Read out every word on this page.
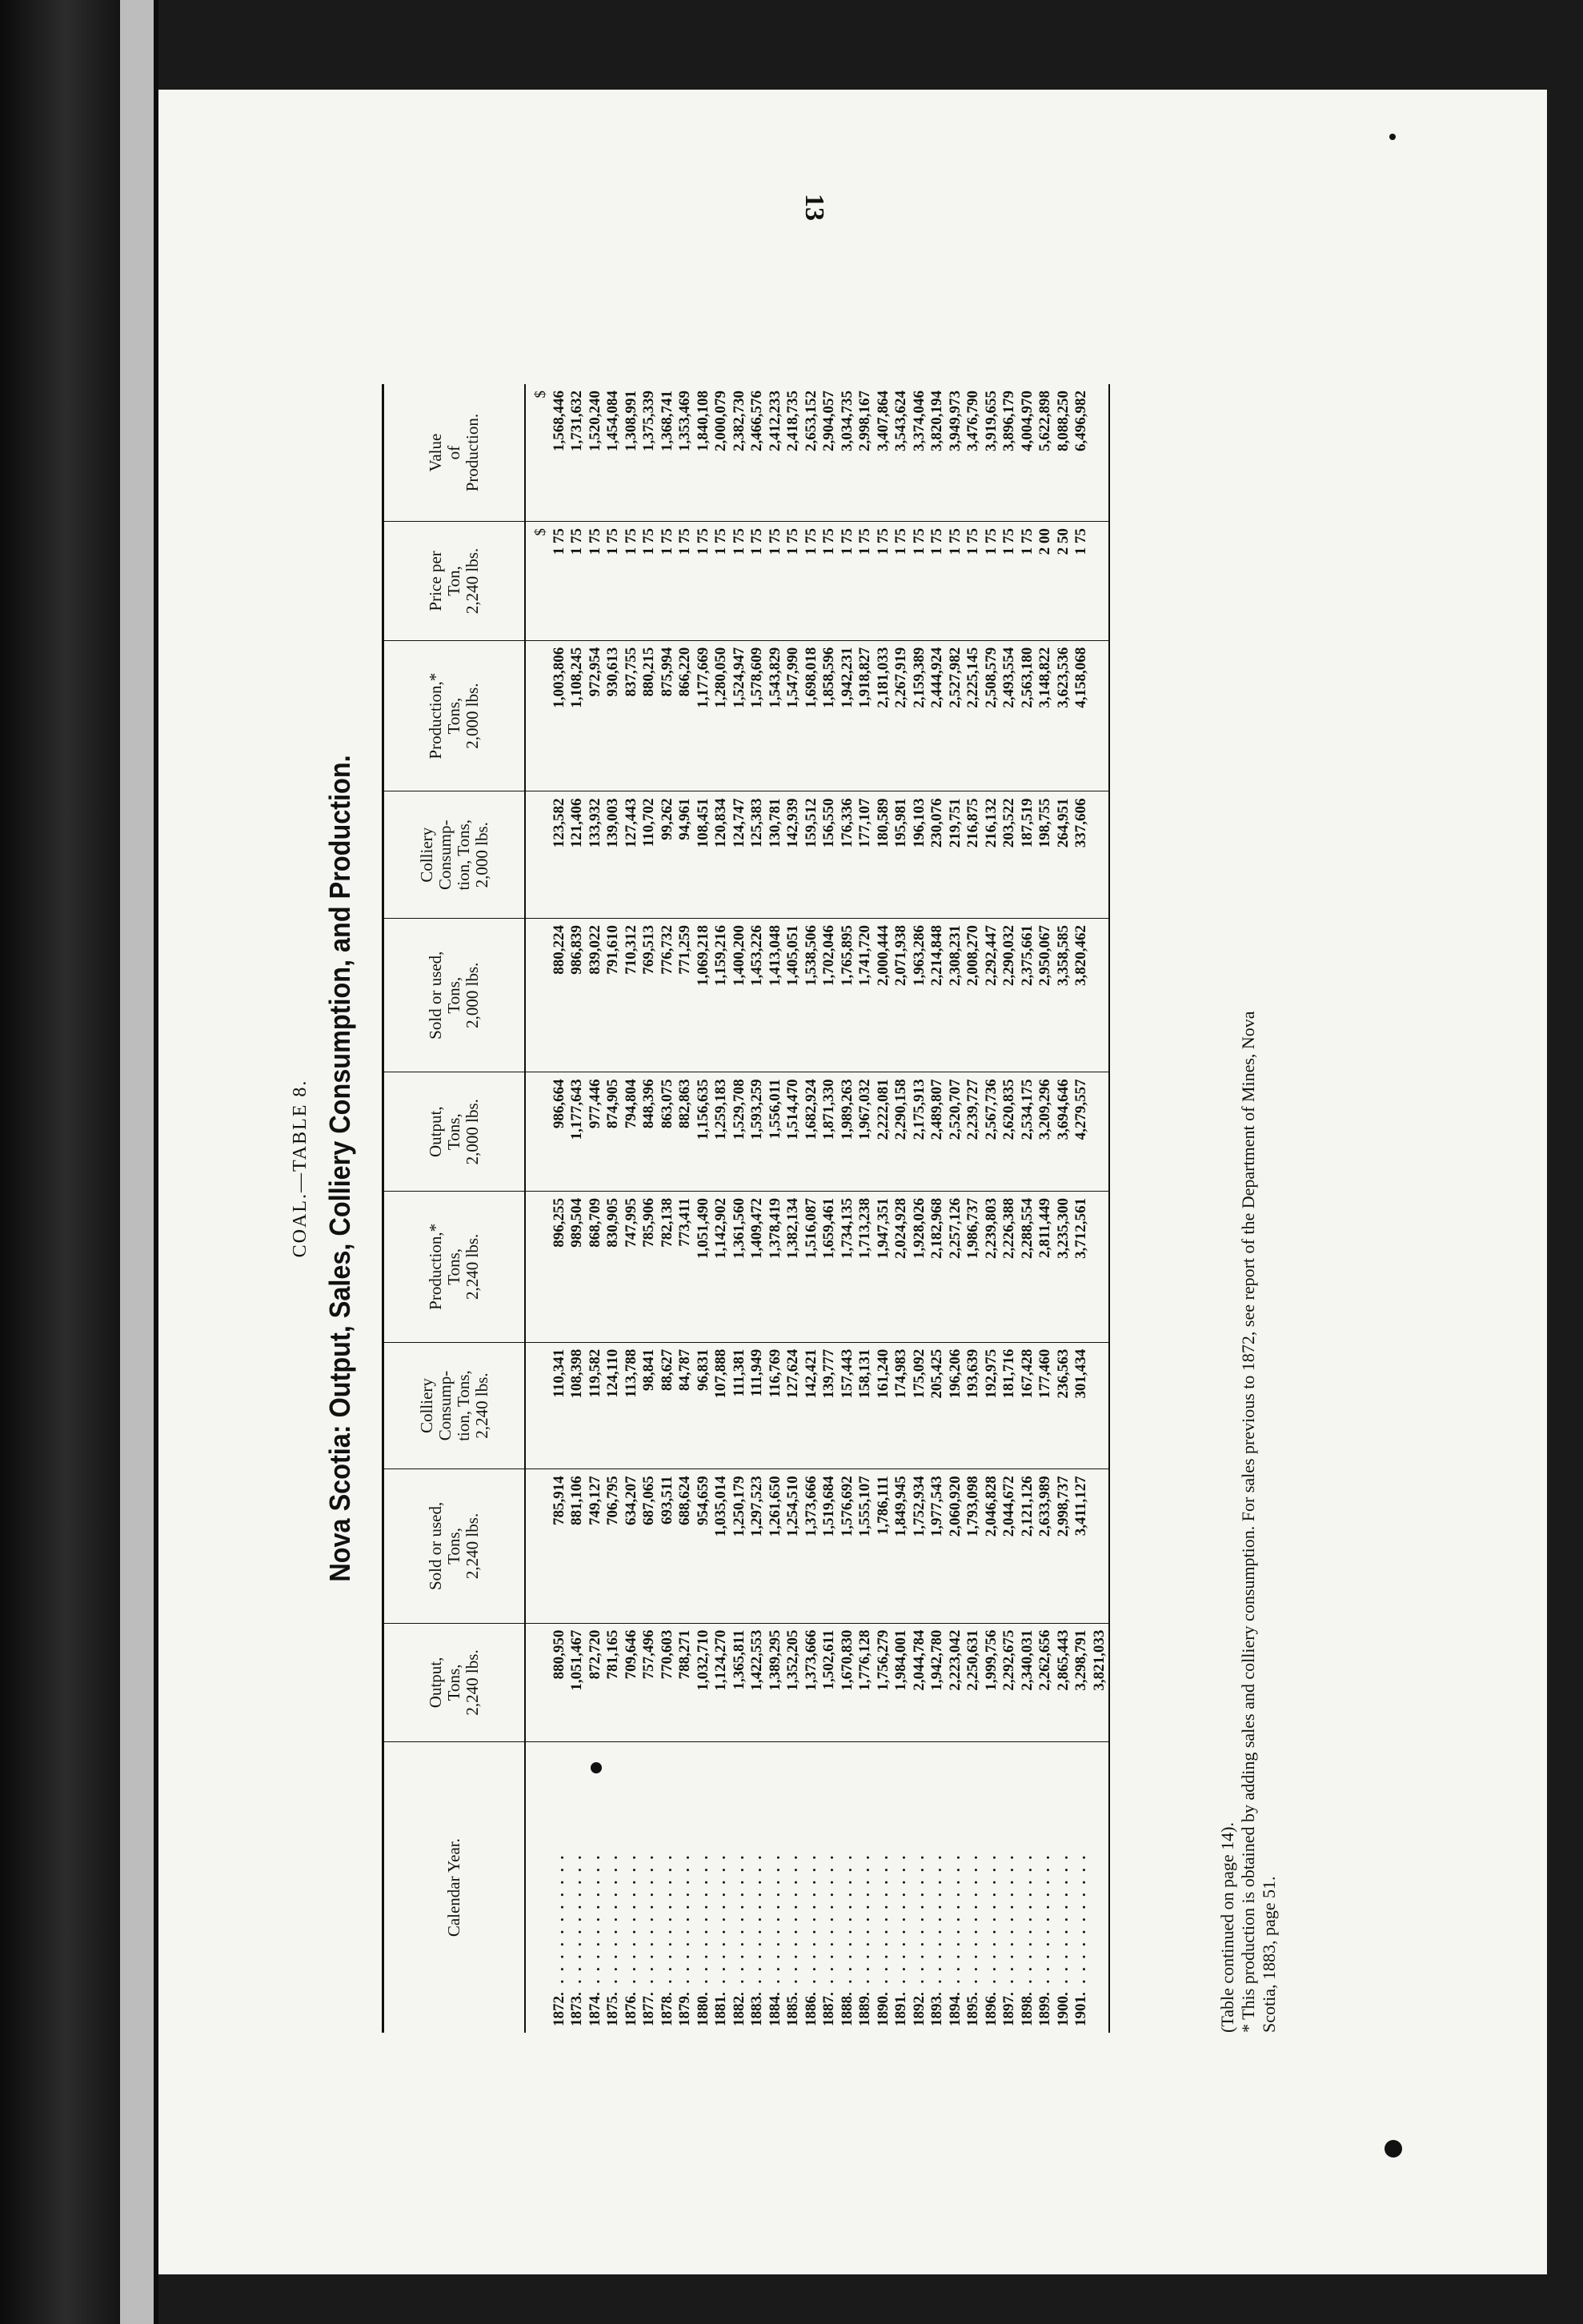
13
COAL.—TABLE 8. Nova Scotia: Output, Sales, Colliery Consumption, and Production.
Calendar Year.	Output,
Tons,
2,240 lbs.	Sold or used,
Tons,
2,240 lbs.	Colliery
Consump-
tion, Tons,
2,240 lbs.	Production,*
Tons,
2,240 lbs.	Output,
Tons,
2,000 lbs.	Sold or used,
Tons,
2,000 lbs.	Colliery
Consump-
tion, Tons,
2,000 lbs.	Production,*
Tons,
2,000 lbs.	Price per
Ton,
2,240 lbs.	Value
of
Production.

									$	$
1872. . . . . . . . . . . .	880,950	785,914	110,341	896,255	986,664	880,224	123,582	1,003,806	1 75	1,568,446
1873. . . . . . . . . . . .	1,051,467	881,106	108,398	989,504	1,177,643	986,839	121,406	1,108,245	1 75	1,731,632
1874. . . . . . . . . . . .	872,720	749,127	119,582	868,709	977,446	839,022	133,932	972,954	1 75	1,520,240
1875. . . . . . . . . . . .	781,165	706,795	124,110	830,905	874,905	791,610	139,003	930,613	1 75	1,454,084
1876. . . . . . . . . . . .	709,646	634,207	113,788	747,995	794,804	710,312	127,443	837,755	1 75	1,308,991
1877. . . . . . . . . . . .	757,496	687,065	98,841	785,906	848,396	769,513	110,702	880,215	1 75	1,375,339
1878. . . . . . . . . . . .	770,603	693,511	88,627	782,138	863,075	776,732	99,262	875,994	1 75	1,368,741
1879. . . . . . . . . . . .	788,271	688,624	84,787	773,411	882,863	771,259	94,961	866,220	1 75	1,353,469
1880. . . . . . . . . . . .	1,032,710	954,659	96,831	1,051,490	1,156,635	1,069,218	108,451	1,177,669	1 75	1,840,108
1881. . . . . . . . . . . .	1,124,270	1,035,014	107,888	1,142,902	1,259,183	1,159,216	120,834	1,280,050	1 75	2,000,079
1882. . . . . . . . . . . .	1,365,811	1,250,179	111,381	1,361,560	1,529,708	1,400,200	124,747	1,524,947	1 75	2,382,730
1883. . . . . . . . . . . .	1,422,553	1,297,523	111,949	1,409,472	1,593,259	1,453,226	125,383	1,578,609	1 75	2,466,576
1884. . . . . . . . . . . .	1,389,295	1,261,650	116,769	1,378,419	1,556,011	1,413,048	130,781	1,543,829	1 75	2,412,233
1885. . . . . . . . . . . .	1,352,205	1,254,510	127,624	1,382,134	1,514,470	1,405,051	142,939	1,547,990	1 75	2,418,735
1886. . . . . . . . . . . .	1,373,666	1,373,666	142,421	1,516,087	1,682,924	1,538,506	159,512	1,698,018	1 75	2,653,152
1887. . . . . . . . . . . .	1,502,611	1,519,684	139,777	1,659,461	1,871,330	1,702,046	156,550	1,858,596	1 75	2,904,057
1888. . . . . . . . . . . .	1,670,830	1,576,692	157,443	1,734,135	1,989,263	1,765,895	176,336	1,942,231	1 75	3,034,735
1889. . . . . . . . . . . .	1,776,128	1,555,107	158,131	1,713,238	1,967,032	1,741,720	177,107	1,918,827	1 75	2,998,167
1890. . . . . . . . . . . .	1,756,279	1,786,111	161,240	1,947,351	2,222,081	2,000,444	180,589	2,181,033	1 75	3,407,864
1891. . . . . . . . . . . .	1,984,001	1,849,945	174,983	2,024,928	2,290,158	2,071,938	195,981	2,267,919	1 75	3,543,624
1892. . . . . . . . . . . .	2,044,784	1,752,934	175,092	1,928,026	2,175,913	1,963,286	196,103	2,159,389	1 75	3,374,046
1893. . . . . . . . . . . .	1,942,780	1,977,543	205,425	2,182,968	2,489,807	2,214,848	230,076	2,444,924	1 75	3,820,194
1894. . . . . . . . . . . .	2,223,042	2,060,920	196,206	2,257,126	2,520,707	2,308,231	219,751	2,527,982	1 75	3,949,973
1895. . . . . . . . . . . .	2,250,631	1,793,098	193,639	1,986,737	2,239,727	2,008,270	216,875	2,225,145	1 75	3,476,790
1896. . . . . . . . . . . .	1,999,756	2,046,828	192,975	2,239,803	2,567,736	2,292,447	216,132	2,508,579	1 75	3,919,655
1897. . . . . . . . . . . .	2,292,675	2,044,672	181,716	2,226,388	2,620,835	2,290,032	203,522	2,493,554	1 75	3,896,179
1898. . . . . . . . . . . .	2,340,031	2,121,126	167,428	2,288,554	2,534,175	2,375,661	187,519	2,563,180	1 75	4,004,970
1899. . . . . . . . . . . .	2,262,656	2,633,989	177,460	2,811,449	3,209,296	2,950,067	198,755	3,148,822	2 00	5,622,898
1900. . . . . . . . . . . .	2,865,443	2,998,737	236,563	3,235,300	3,694,646	3,358,585	264,951	3,623,536	2 50	8,088,250
1901. . . . . . . . . . . .	3,298,791	3,411,127	301,434	3,712,561	4,279,557	3,820,462	337,606	4,158,068	1 75	6,496,982
	3,821,033									

(Table continued on page 14). * This production is obtained by adding sales and colliery consumption. For sales previous to 1872, see report of the Department of Mines, Nova Scotia, 1883, page 51.
